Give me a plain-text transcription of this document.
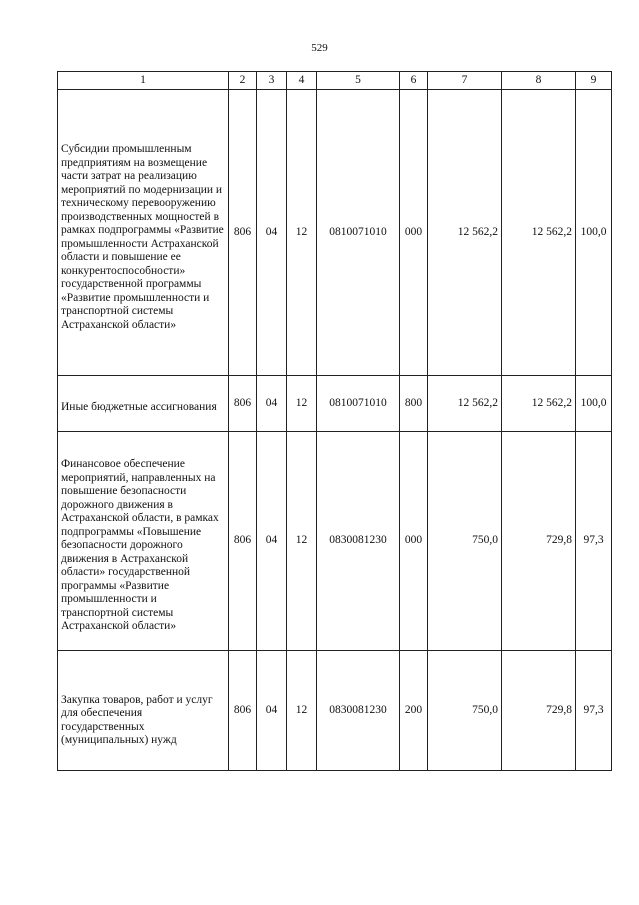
529
1	2	3	4	5	6	7	8	9
Субсидии промышленным предприятиям на возмещение части затрат на реализацию мероприятий по модернизации и техническому перевооружению производственных мощностей в рамках подпрограммы «Развитие промышленности Астраханской области и повышение ее конкурентоспособности» государственной программы «Развитие промышленности и транспортной системы Астраханской области»	806	04	12	0810071010	000	12 562,2	12 562,2	100,0
Иные бюджетные ассигнования	806	04	12	0810071010	800	12 562,2	12 562,2	100,0
Финансовое обеспечение мероприятий, направленных на повышение безопасности дорожного движения в Астраханской области, в рамках подпрограммы «Повышение безопасности дорожного движения в Астраханской области» государственной программы «Развитие промышленности и транспортной системы Астраханской области»	806	04	12	0830081230	000	750,0	729,8	97,3
Закупка товаров, работ и услуг для обеспечения государственных (муниципальных) нужд	806	04	12	0830081230	200	750,0	729,8	97,3
